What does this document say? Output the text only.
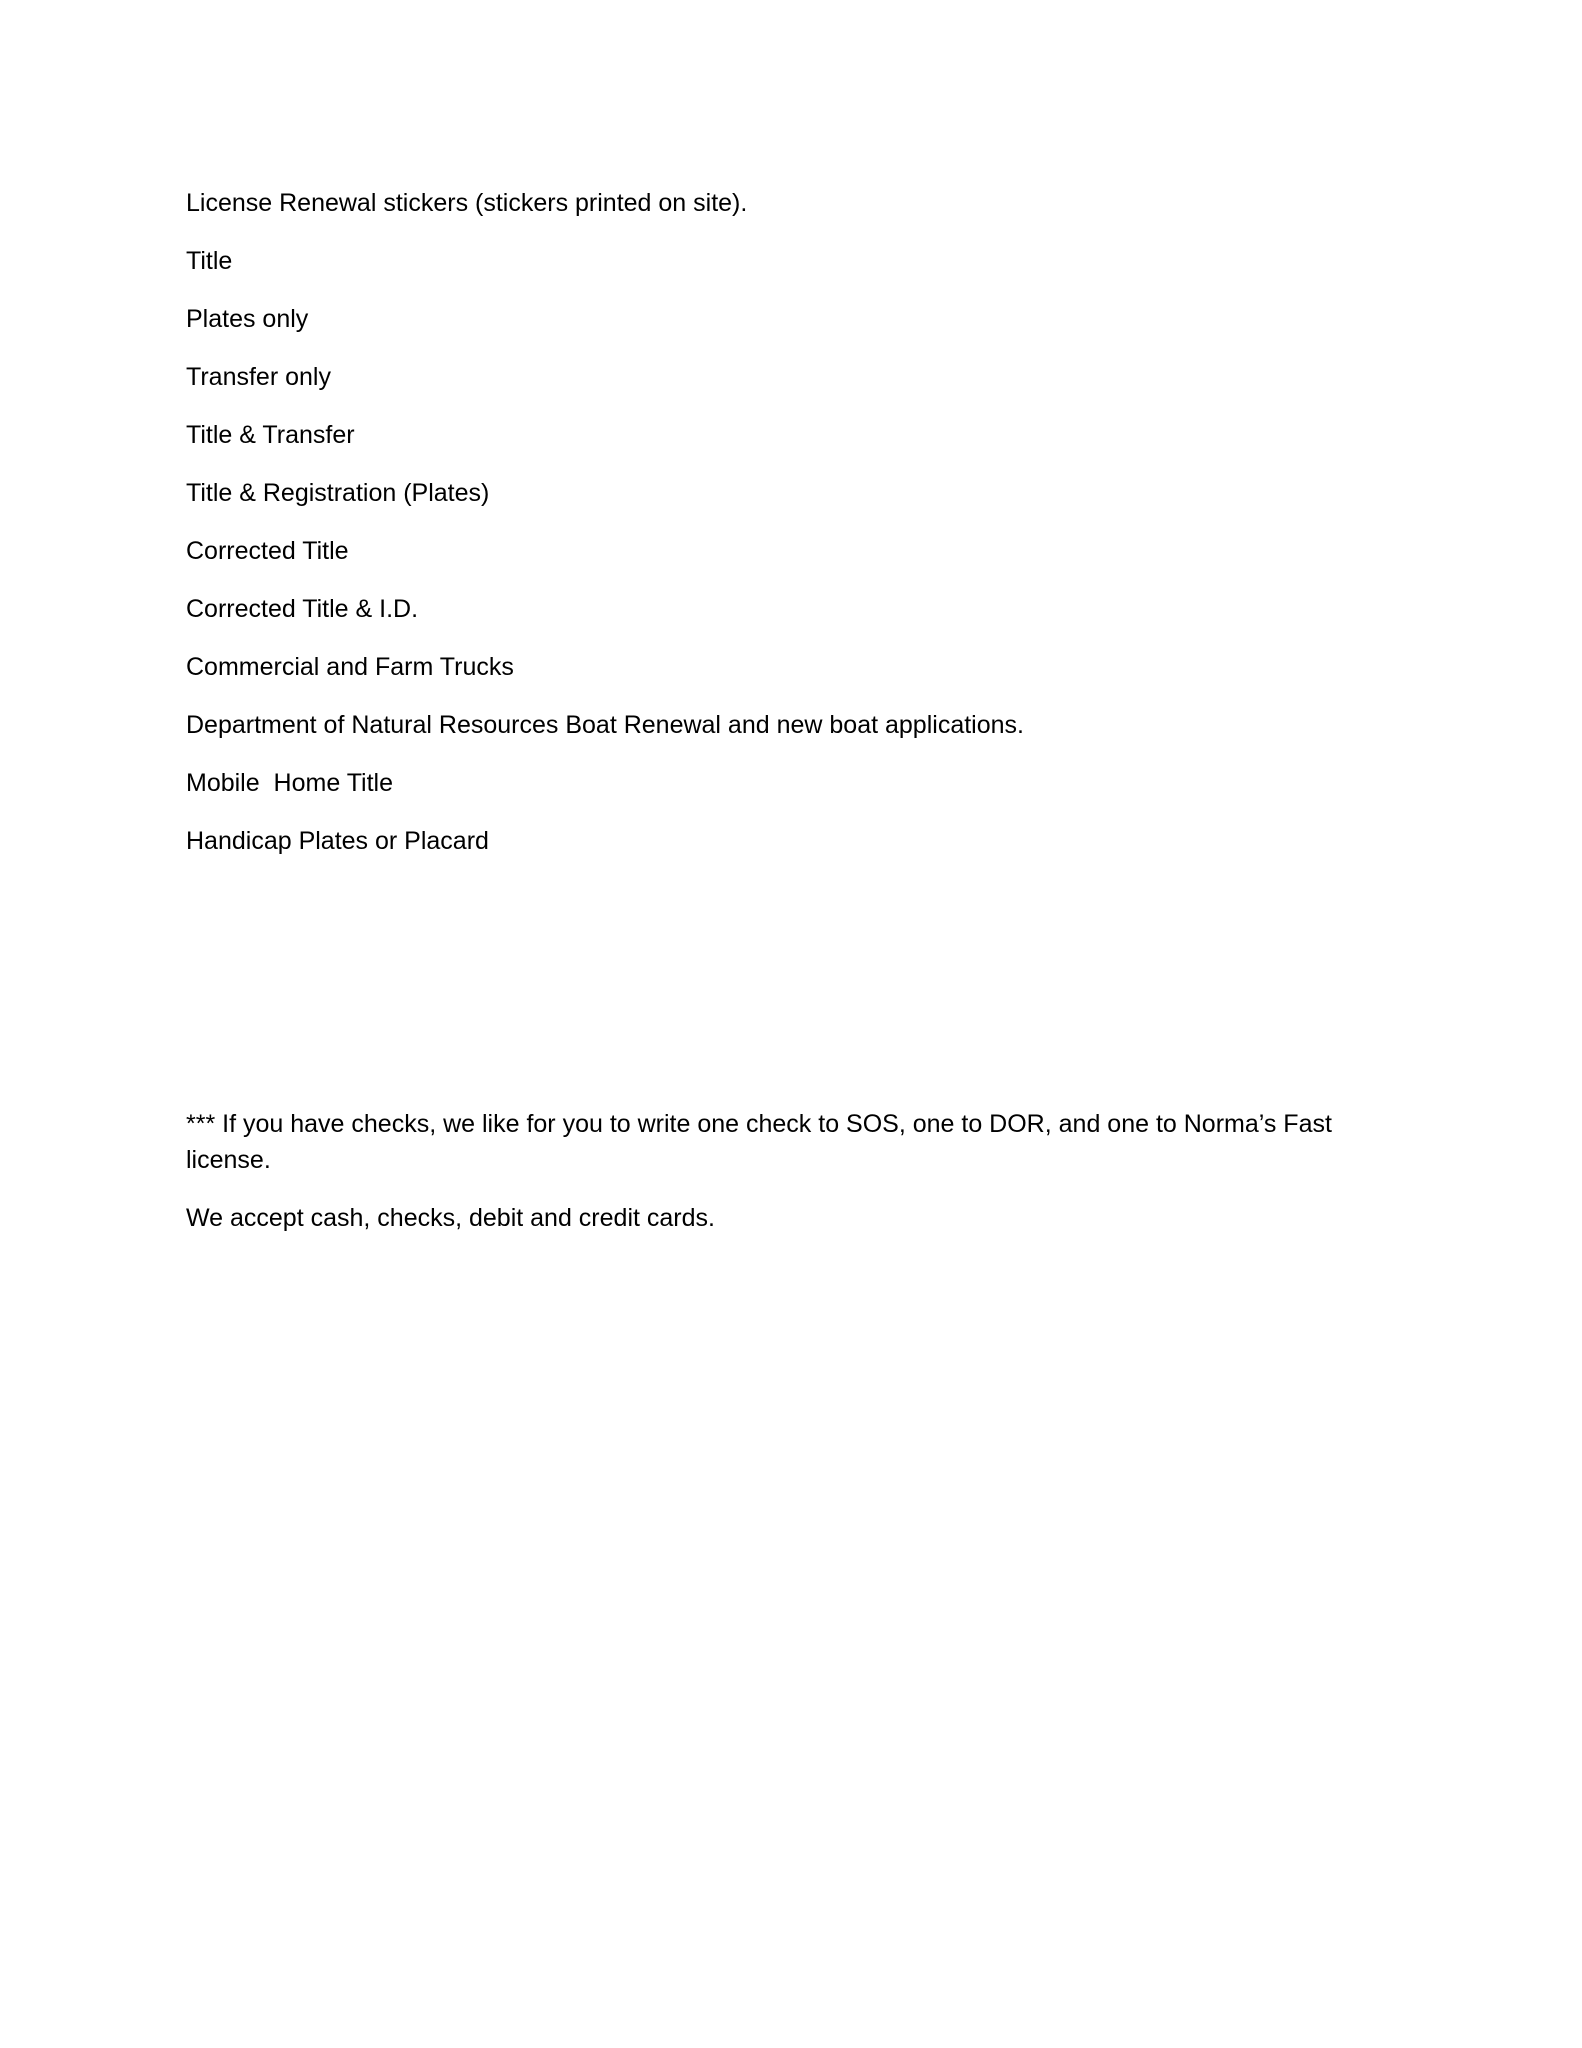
License Renewal stickers (stickers printed on site).
Title
Plates only
Transfer only
Title & Transfer
Title & Registration (Plates)
Corrected Title
Corrected Title & I.D.
Commercial and Farm Trucks
Department of Natural Resources Boat Renewal and new boat applications.
Mobile  Home Title
Handicap Plates or Placard

*** If you have checks, we like for you to write one check to SOS, one to DOR, and one to Norma’s Fast license.

We accept cash, checks, debit and credit cards.
